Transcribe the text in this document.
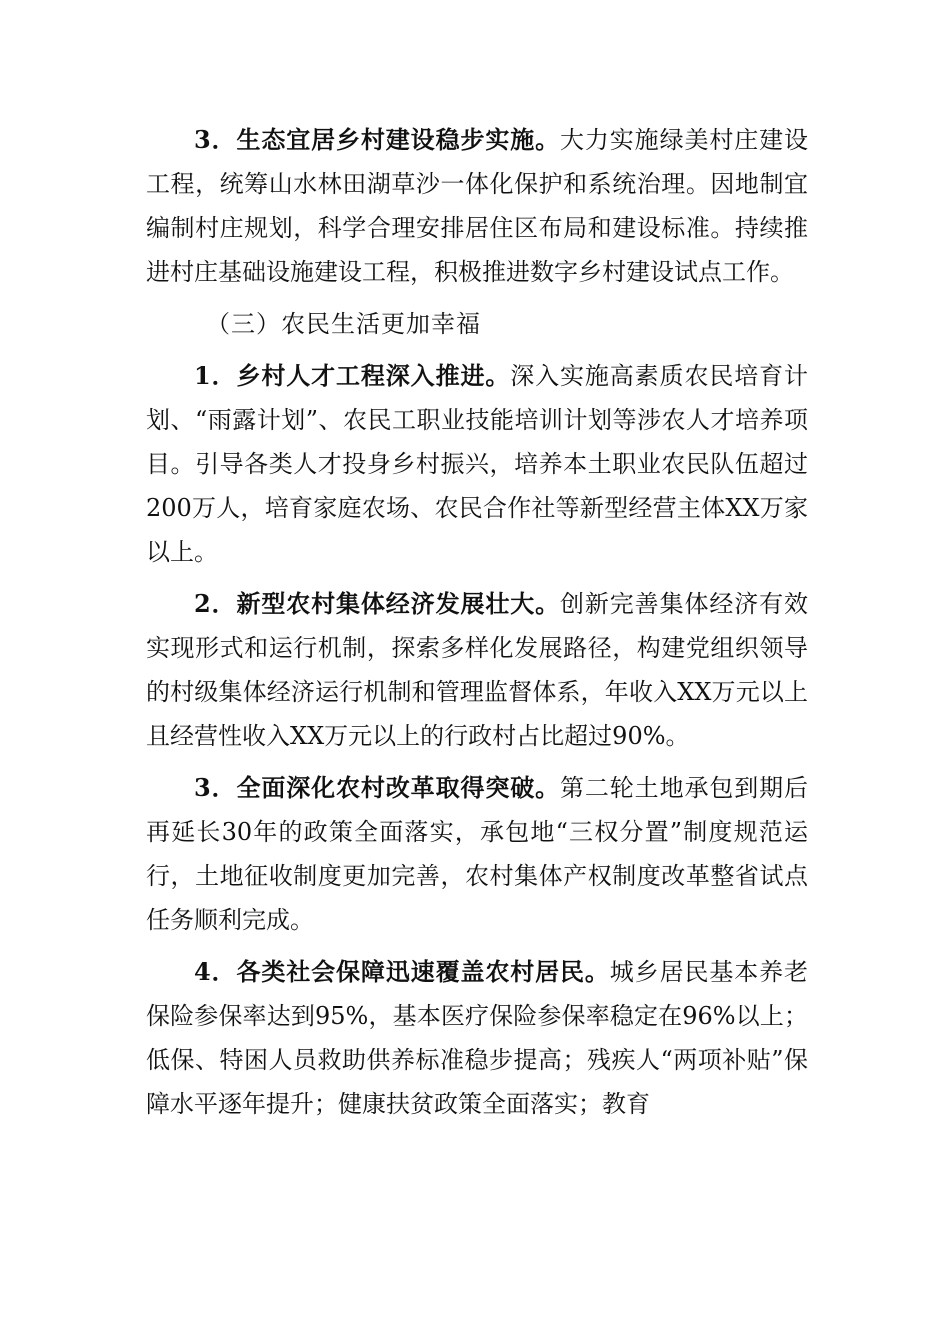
3．生态宜居乡村建设稳步实施。大力实施绿美村庄建设工程，统筹山水林田湖草沙一体化保护和系统治理。因地制宜编制村庄规划，科学合理安排居住区布局和建设标准。持续推进村庄基础设施建设工程，积极推进数字乡村建设试点工作。

（三）农民生活更加幸福

1．乡村人才工程深入推进。深入实施高素质农民培育计划、“雨露计划”、农民工职业技能培训计划等涉农人才培养项目。引导各类人才投身乡村振兴，培养本土职业农民队伍超过200万人，培育家庭农场、农民合作社等新型经营主体XX万家以上。

2．新型农村集体经济发展壮大。创新完善集体经济有效实现形式和运行机制，探索多样化发展路径，构建党组织领导的村级集体经济运行机制和管理监督体系，年收入XX万元以上且经营性收入XX万元以上的行政村占比超过90%。

3．全面深化农村改革取得突破。第二轮土地承包到期后再延长30年的政策全面落实，承包地“三权分置”制度规范运行，土地征收制度更加完善，农村集体产权制度改革整省试点任务顺利完成。

4．各类社会保障迅速覆盖农村居民。城乡居民基本养老保险参保率达到95%，基本医疗保险参保率稳定在96%以上；低保、特困人员救助供养标准稳步提高；残疾人“两项补贴”保障水平逐年提升；健康扶贫政策全面落实；教育
